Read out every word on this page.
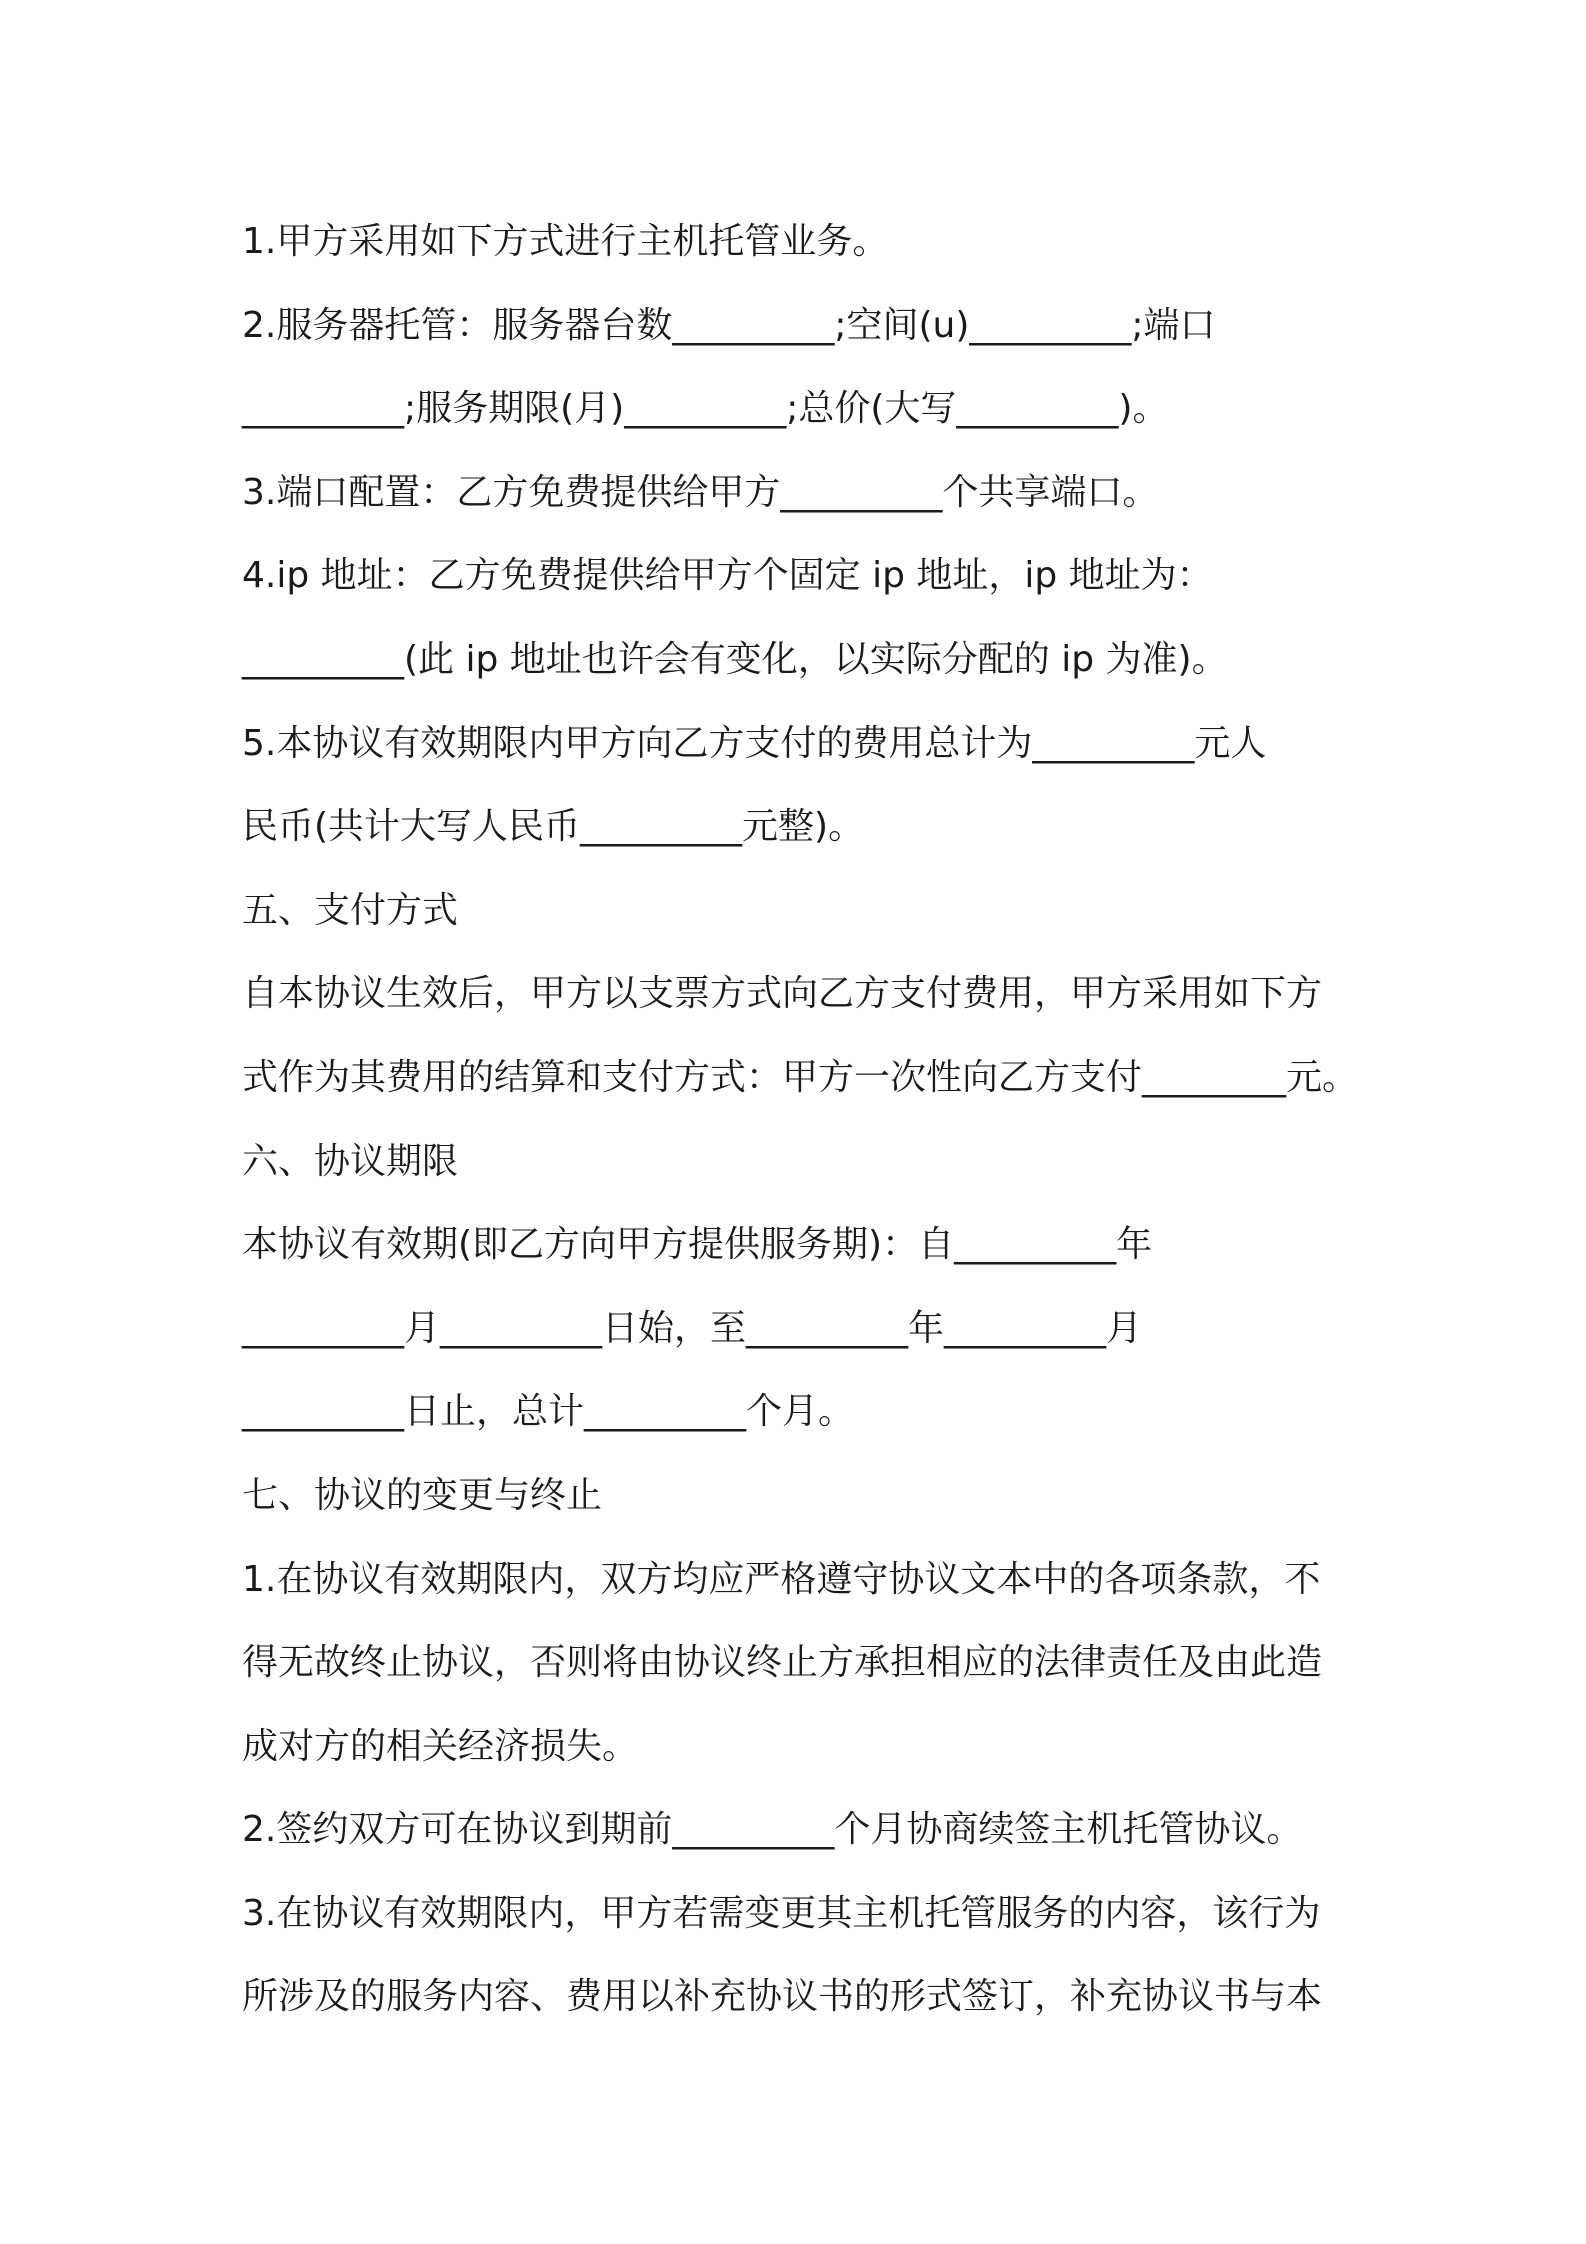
1.甲方采用如下方式进行主机托管业务。
2.服务器托管：服务器台数_________;空间(u)_________;端口
_________;服务期限(月)_________;总价(大写_________)。
3.端口配置：乙方免费提供给甲方_________个共享端口。
4.ip 地址：乙方免费提供给甲方个固定 ip 地址，ip 地址为：
_________(此 ip 地址也许会有变化，以实际分配的 ip 为准)。
5.本协议有效期限内甲方向乙方支付的费用总计为_________元人
民币(共计大写人民币_________元整)。
五、支付方式
自本协议生效后，甲方以支票方式向乙方支付费用，甲方采用如下方
式作为其费用的结算和支付方式：甲方一次性向乙方支付________元。
六、协议期限
本协议有效期(即乙方向甲方提供服务期)：自_________年
_________月_________日始，至_________年_________月
_________日止，总计_________个月。
七、协议的变更与终止
1.在协议有效期限内，双方均应严格遵守协议文本中的各项条款，不
得无故终止协议，否则将由协议终止方承担相应的法律责任及由此造
成对方的相关经济损失。
2.签约双方可在协议到期前_________个月协商续签主机托管协议。
3.在协议有效期限内，甲方若需变更其主机托管服务的内容，该行为
所涉及的服务内容、费用以补充协议书的形式签订，补充协议书与本
